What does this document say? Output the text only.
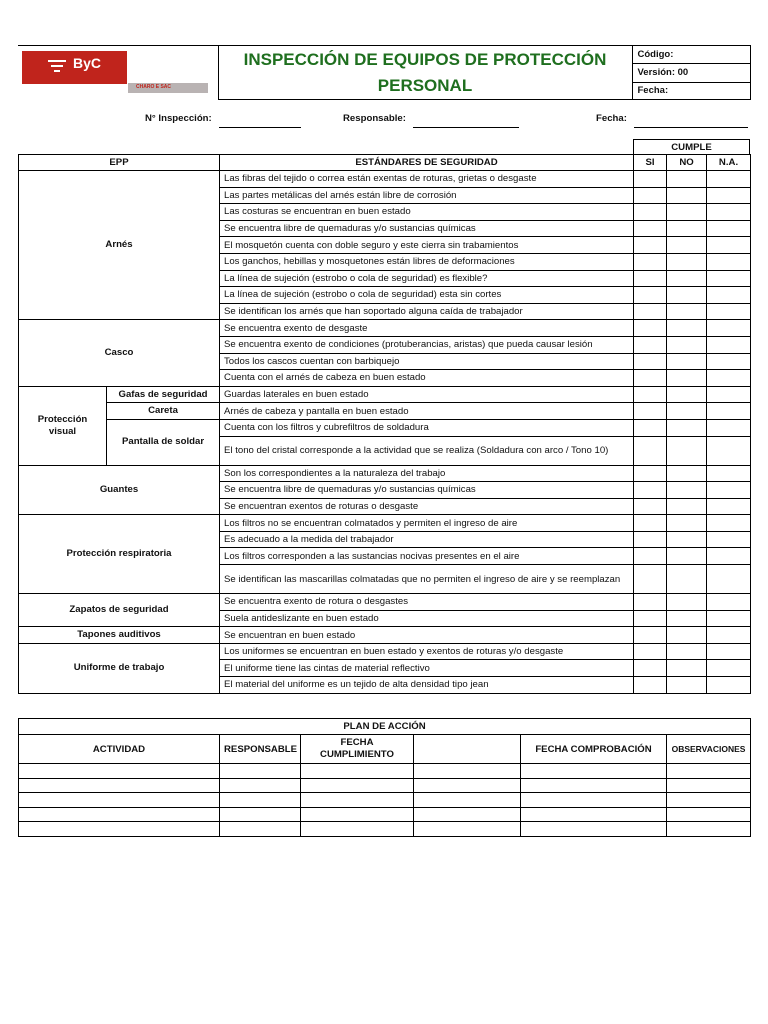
ByC
CHARO E SAC
	INSPECCIÓN DE EQUIPOS DE PROTECCIÓN PERSONAL	Código:
Versión: 00
Fecha:
N° Inspección:	Responsable:	Fecha:
CUMPLE
EPP		ESTÁNDARES DE SEGURIDAD	SI	NO	N.A.
Arnés		Las fibras del tejido o correa están exentas de roturas, grietas o desgaste			
		Las partes metálicas del arnés están libre de corrosión			
		Las costuras se encuentran en buen estado			
		Se encuentra libre de quemaduras y/o sustancias químicas			
		El mosquetón cuenta con doble seguro y este cierra sin trabamientos			
		Los ganchos, hebillas y mosquetones están libres de deformaciones			
		La línea de sujeción (estrobo o cola de seguridad) es flexible?			
		La línea de sujeción (estrobo o cola de seguridad) esta sin cortes			
		Se identifican los arnés que han soportado alguna caída de trabajador			
Casco		Se encuentra exento de desgaste			
		Se encuentra exento de condiciones (protuberancias, aristas) que pueda causar lesión			
		Todos los cascos cuentan con barbiquejo			
		Cuenta con el arnés de cabeza en buen estado			
Protección visual	Gafas de seguridad	Guardas laterales en buen estado			
	Careta	Arnés de cabeza y pantalla en buen estado			
	Pantalla de soldar	Cuenta con los filtros y cubrefiltros de soldadura			
		El tono del cristal corresponde a la actividad que se realiza (Soldadura con arco / Tono 10)			

Guantes		Son los correspondientes a la naturaleza del trabajo			
		Se encuentra libre de quemaduras y/o sustancias químicas			
		Se encuentran exentos de roturas o desgaste			
Protección respiratoria		Los filtros no se encuentran colmatados y permiten el ingreso de aire			
		Es adecuado a la medida del trabajador			
		Los filtros corresponden a las sustancias nocivas presentes en el aire			
		Se identifican las mascarillas colmatadas que no permiten el ingreso de aire y se reemplazan			
Zapatos de seguridad		Se encuentra exento de rotura o desgastes			
		Suela antideslizante en buen estado			
Tapones auditivos		Se encuentran en buen estado			
Uniforme de trabajo		Los uniformes se encuentran en buen estado y exentos de roturas y/o desgaste			
		El uniforme tiene las cintas de material reflectivo			
		El material del uniforme es un tejido de alta densidad tipo jean			
PLAN DE ACCIÓN					
ACTIVIDAD	RESPONSABLE	FECHA CUMPLIMIENTO		FECHA COMPROBACIÓN	OBSERVACIONES
